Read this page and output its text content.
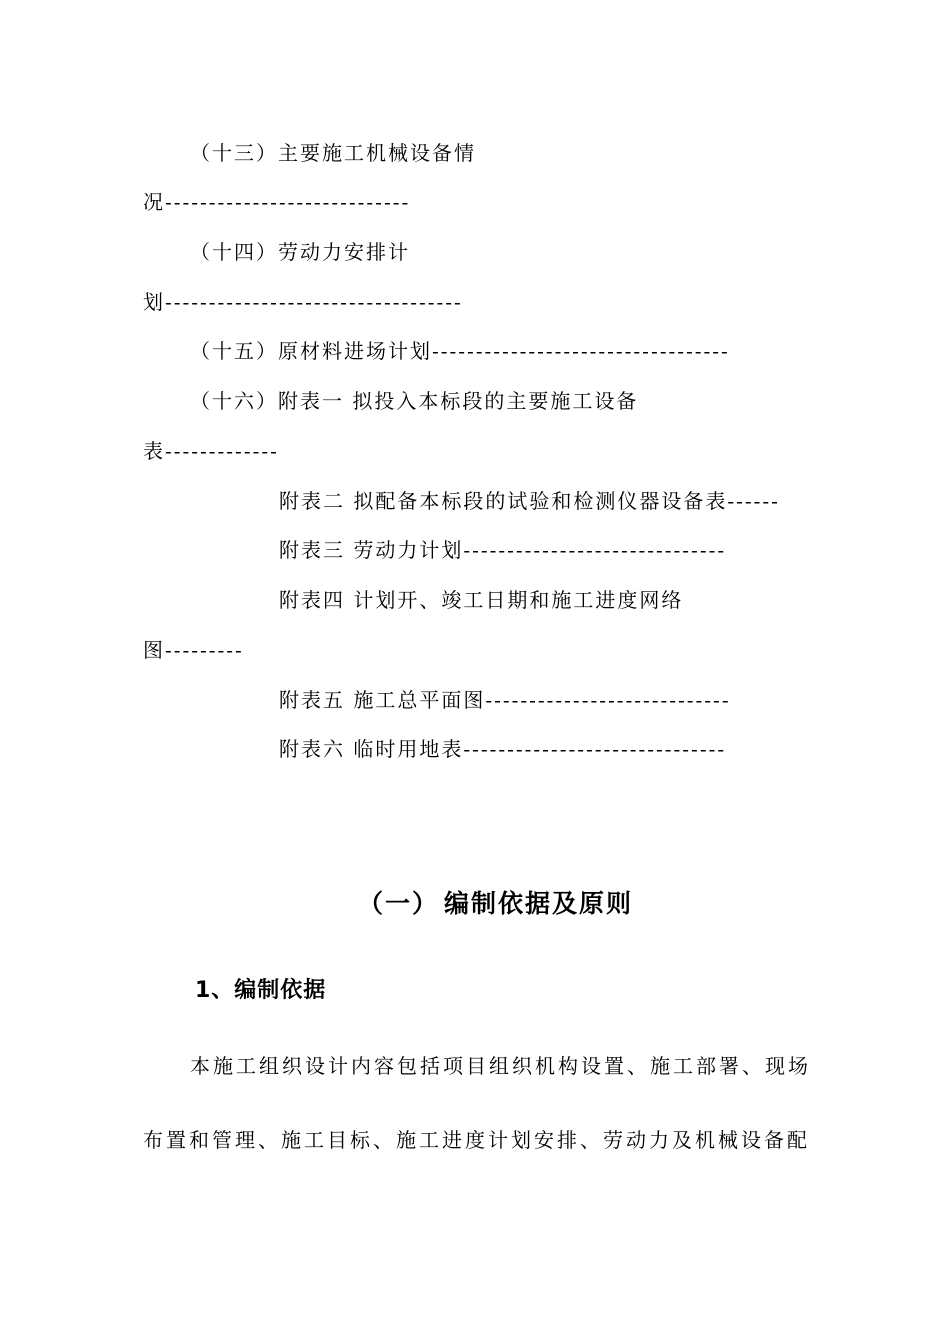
（十三）主要施工机械设备情
况----------------------------
（十四）劳动力安排计
划----------------------------------
（十五）原材料进场计划----------------------------------
（十六）附表一 拟投入本标段的主要施工设备
表-------------
附表二 拟配备本标段的试验和检测仪器设备表------
附表三 劳动力计划------------------------------
附表四 计划开、竣工日期和施工进度网络
图---------
附表五 施工总平面图----------------------------
附表六 临时用地表------------------------------
（一） 编制依据及原则
1、编制依据
本施工组织设计内容包括项目组织机构设置、施工部署、现场
布置和管理、施工目标、施工进度计划安排、劳动力及机械设备配
